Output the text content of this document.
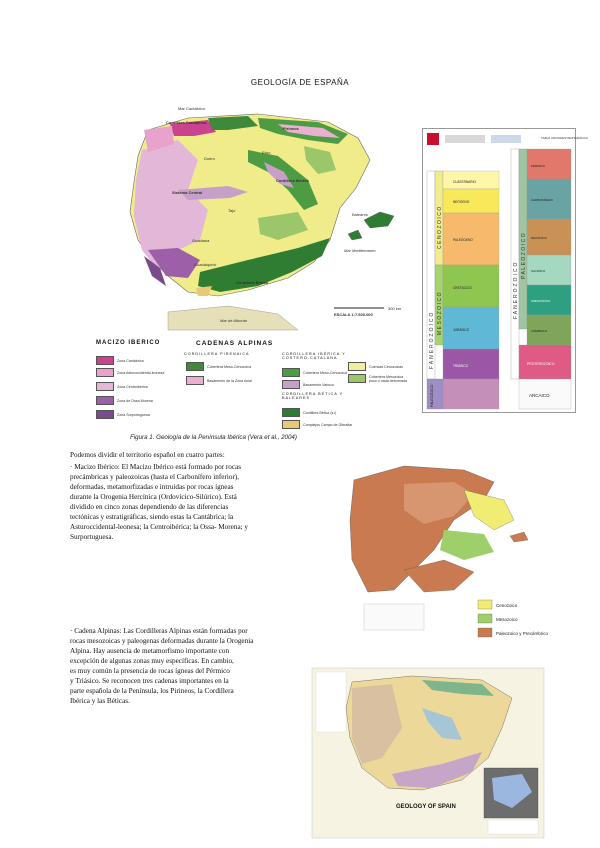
GEOLOGÍA DE ESPAÑA
Mar Cantábrico
Cordillera Cantábrica
Pirineos
Duero
Ebro
Sistema Central
Tajo
Cordillera Ibérica
Guadiana
Guadalquivir
Cordillera Bética
Baleares
Mar Mediterráneo
Mar de Alborán
ESCALA 1:7.500.000
300 km
MACIZO IBERICO	CADENAS ALPINAS
CORDILLERA PIRENAICA	CORDILLERA IBÉRICA Y COSTERO-CATALANA
CORDILLERA BÉTICA Y BALEARES
Zona Cantábrica
Zona Asturoccidental-leonesa
Zona Centroibérica
Zona de Ossa Morena
Zona Surportuguesa
Cobertera Meso-Cenozoica
Basamento de la Zona Axial
Cobertera Meso-Cenozoica
Basamento Varisco
Cordillera Bética (s.l)
Complejos Campo de Gibraltar
Cuencas Cenozoicas
Cobertera Mesozoica poco o nada deformada
Figura 1. Geología de la Península Ibérica (Vera et al., 2004)
TABLA CRONOESTRATIGRÁFICA
FANEROZOICO
CENOZOICO
MESOZOICO
PALEOZOICO
CUATERNARIO
NEÓGENO
PALEÓGENO
CRETÁCICO
JURÁSICO
TRIÁSICO
FANEROZOICO
PALEOZOICO
PÉRMICO
CARBONÍFERO
DEVÓNICO
SILÚRICO
ORDOVÍCICO
CÁMBRICO
PROTEROZOICO
ARCAICO
Podemos dividir el territorio español en cuatro partes:
· Macizo Ibérico: El Macizo Ibérico está formado por rocas
precámbricas y paleozoicas (hasta el Carbonífero inferior),
deformadas, metamorfizadas e intruidas por rocas ígneas
durante la Orogenia Hercínica (Ordovícico-Silúrico). Está
dividido en cinco zonas dependiendo de las diferencias
tectónicas y estratigráficas, siendo estas la Cantábrica; la
Asturoccidental-leonesa; la Centroibérica; la Ossa- Morena; y
Surportuguesa.
· Cadena Alpinas: Las Cordilleras Alpinas están formadas por
rocas mesozoicas y paleogenas deformadas durante la Orogenia
Alpina. Hay ausencia de metamorfismo importante con
excepción de algunas zonas muy específicas. En cambio,
es muy común la presencia de rocas ígneas del Pérmico
y Triásico. Se reconocen tres cadenas importantes en la
parte española de la Península, los Pirineos, la Cordillera
Ibérica y las Béticas.
Cenozoico
Mesozoico
Paleozoico y Precámbrico
GEOLOGY OF SPAIN
